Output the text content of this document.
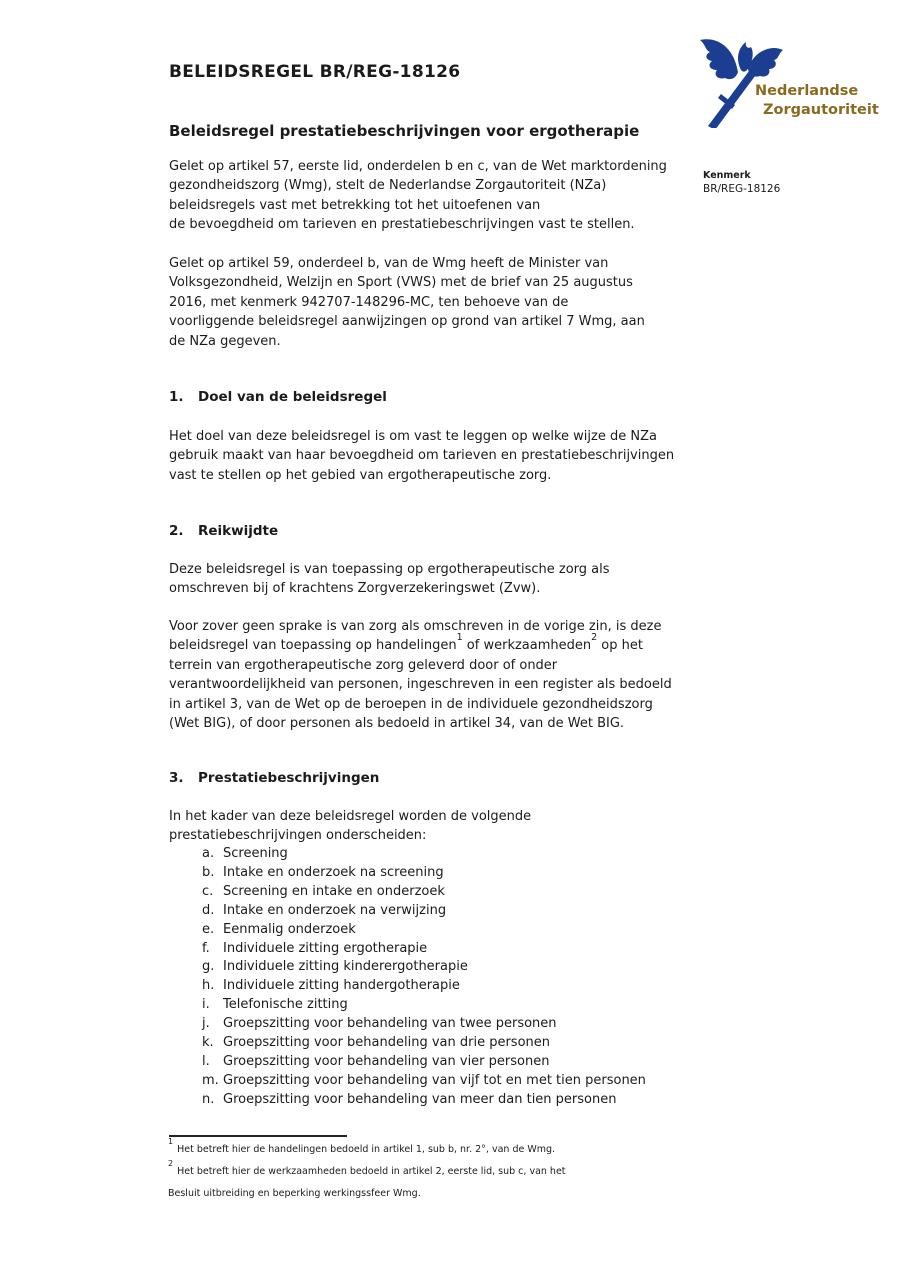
Nederlandse
Zorgautoriteit
BELEIDSREGEL BR/REG-18126
Beleidsregel prestatiebeschrijvingen voor ergotherapie
Kenmerk
BR/REG-18126
Gelet op artikel 57, eerste lid, onderdelen b en c, van de Wet marktordening
gezondheidszorg (Wmg), stelt de Nederlandse Zorgautoriteit (NZa)
beleidsregels vast met betrekking tot het uitoefenen van
de bevoegdheid om tarieven en prestatiebeschrijvingen vast te stellen.
Gelet op artikel 59, onderdeel b, van de Wmg heeft de Minister van
Volksgezondheid, Welzijn en Sport (VWS) met de brief van 25 augustus
2016, met kenmerk 942707-148296-MC, ten behoeve van de
voorliggende beleidsregel aanwijzingen op grond van artikel 7 Wmg, aan
de NZa gegeven.
1.	Doel van de beleidsregel
Het doel van deze beleidsregel is om vast te leggen op welke wijze de NZa
gebruik maakt van haar bevoegdheid om tarieven en prestatiebeschrijvingen
vast te stellen op het gebied van ergotherapeutische zorg.
2.	Reikwijdte
Deze beleidsregel is van toepassing op ergotherapeutische zorg als
omschreven bij of krachtens Zorgverzekeringswet (Zvw).
Voor zover geen sprake is van zorg als omschreven in de vorige zin, is deze
beleidsregel van toepassing op handelingen$^1$ of werkzaamheden$^2$ op het
terrein van ergotherapeutische zorg geleverd door of onder
verantwoordelijkheid van personen, ingeschreven in een register als bedoeld
in artikel 3, van de Wet op de beroepen in de individuele gezondheidszorg
(Wet BIG), of door personen als bedoeld in artikel 34, van de Wet BIG.
3.	Prestatiebeschrijvingen
In het kader van deze beleidsregel worden de volgende
prestatiebeschrijvingen onderscheiden:
a. Screening
b. Intake en onderzoek na screening
c. Screening en intake en onderzoek
d. Intake en onderzoek na verwijzing
e. Eenmalig onderzoek
f.	Individuele zitting ergotherapie
g. Individuele zitting kinderergotherapie
h. Individuele zitting handergotherapie
i.	Telefonische zitting
j.	Groepszitting voor behandeling van twee personen
k. Groepszitting voor behandeling van drie personen
l.	Groepszitting voor behandeling van vier personen
m. Groepszitting voor behandeling van vijf tot en met tien personen
n. Groepszitting voor behandeling van meer dan tien personen
$^1$Het betreft hier de handelingen bedoeld in artikel 1, sub b, nr. 2°, van de Wmg.
$^2$Het betreft hier de werkzaamheden bedoeld in artikel 2, eerste lid, sub c, van het
Besluit uitbreiding en beperking werkingssfeer Wmg.
